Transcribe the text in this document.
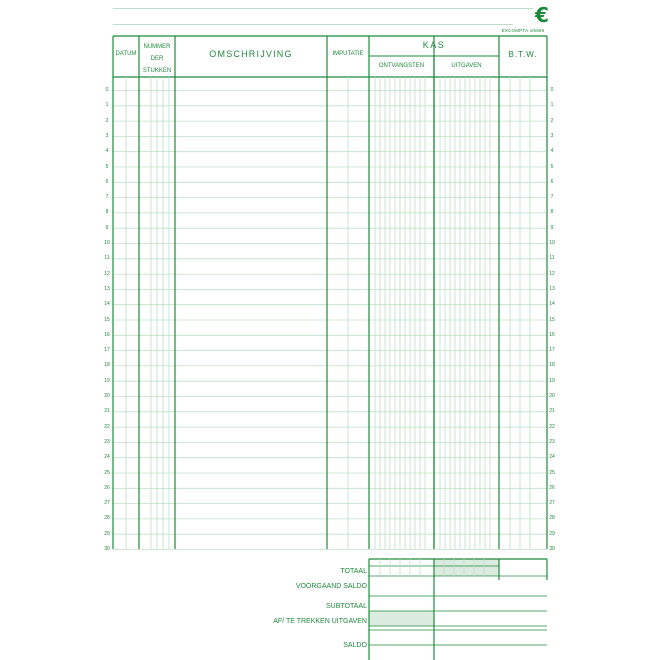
€
EXCOMPTA 4/6669
DATUM
NUMMER
DER
STUKKEN
OMSCHRIJVING	IMPUTATIE
KAS
ONTVANGSTEN	UITGAVEN
B.T.W.
0
1
2
3
4
5
6
7
8
9
10
11
12
13
14
15
16
17
18
19
20
21
22
23
24
25
26
27
28
29
30
0
1
2
3
4
5
6
7
8
9
10
11
12
13
14
15
16
17
18
19
20
21
22
23
24
25
26
27
28
29
30
TOTAAL
VOORGAAND SALDO
SUBTOTAAL
AF/ TE TREKKEN UITGAVEN
SALDO
